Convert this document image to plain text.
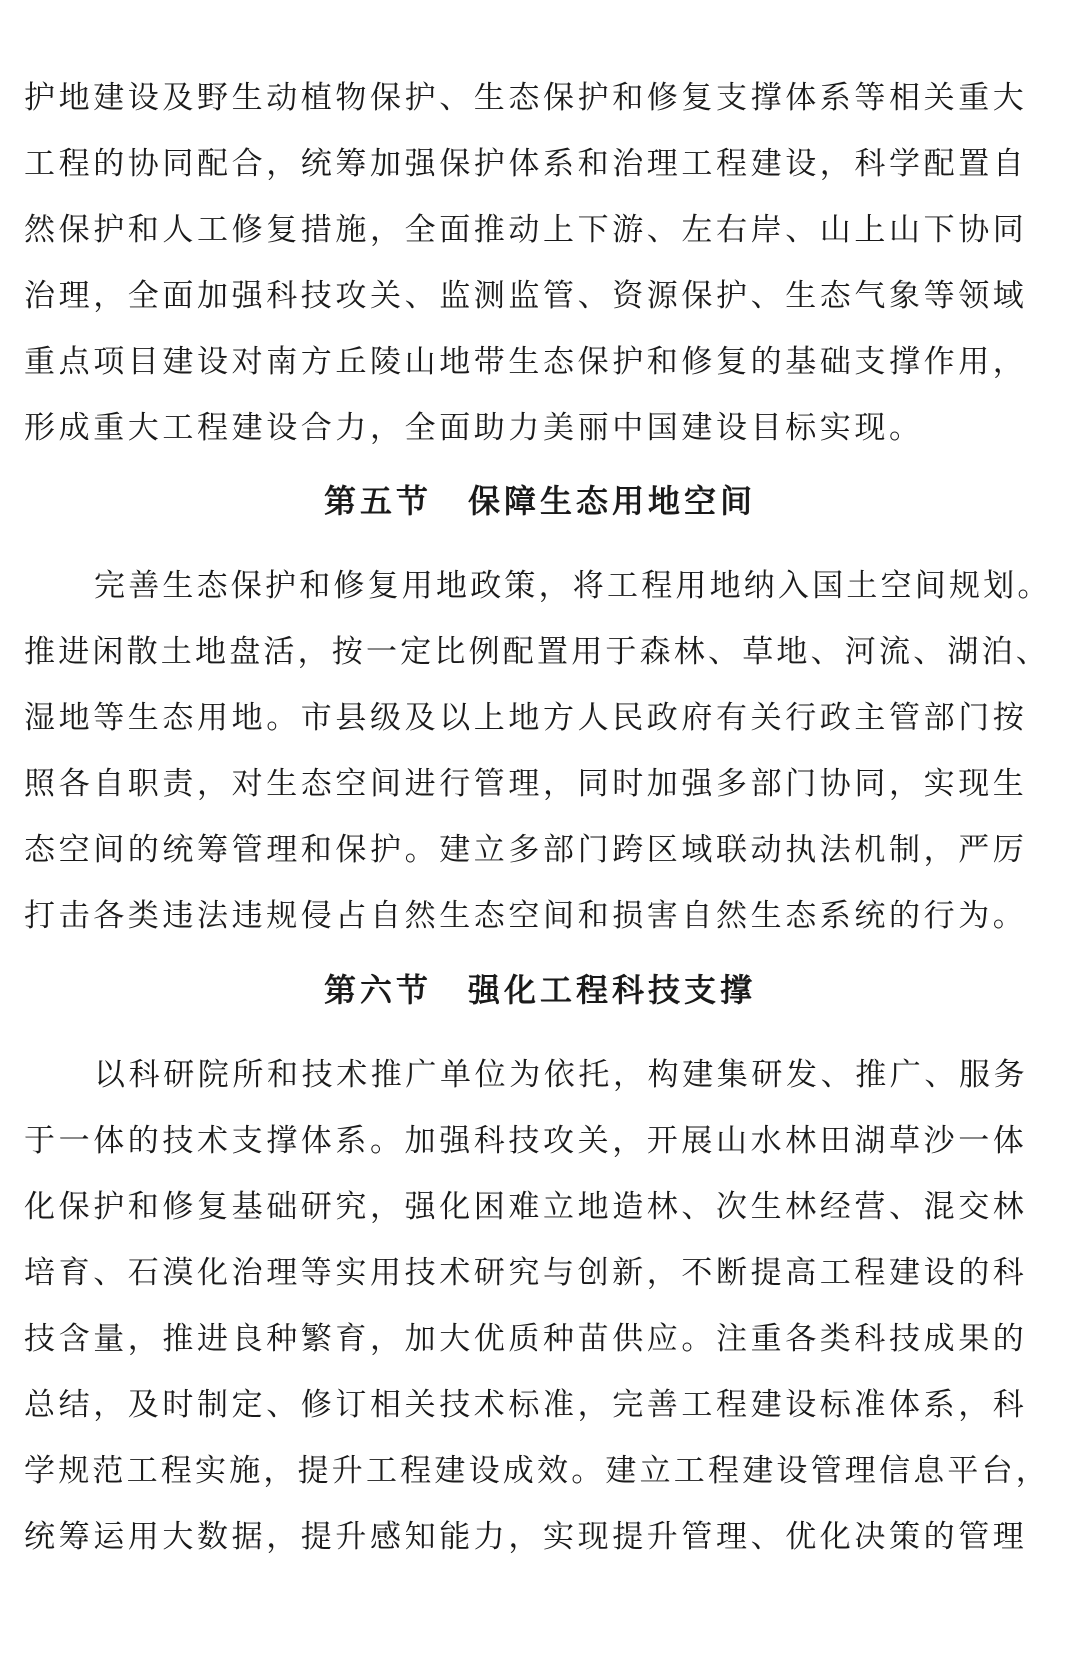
护地建设及野生动植物保护、生态保护和修复支撑体系等相关重大
工程的协同配合，统筹加强保护体系和治理工程建设，科学配置自
然保护和人工修复措施，全面推动上下游、左右岸、山上山下协同
治理，全面加强科技攻关、监测监管、资源保护、生态气象等领域
重点项目建设对南方丘陵山地带生态保护和修复的基础支撑作用，
形成重大工程建设合力，全面助力美丽中国建设目标实现。
第五节　保障生态用地空间
完善生态保护和修复用地政策，将工程用地纳入国土空间规划。
推进闲散土地盘活，按一定比例配置用于森林、草地、河流、湖泊、
湿地等生态用地。市县级及以上地方人民政府有关行政主管部门按
照各自职责，对生态空间进行管理，同时加强多部门协同，实现生
态空间的统筹管理和保护。建立多部门跨区域联动执法机制，严厉
打击各类违法违规侵占自然生态空间和损害自然生态系统的行为。
第六节　强化工程科技支撑
以科研院所和技术推广单位为依托，构建集研发、推广、服务
于一体的技术支撑体系。加强科技攻关，开展山水林田湖草沙一体
化保护和修复基础研究，强化困难立地造林、次生林经营、混交林
培育、石漠化治理等实用技术研究与创新，不断提高工程建设的科
技含量，推进良种繁育，加大优质种苗供应。注重各类科技成果的
总结，及时制定、修订相关技术标准，完善工程建设标准体系，科
学规范工程实施，提升工程建设成效。建立工程建设管理信息平台，
统筹运用大数据，提升感知能力，实现提升管理、优化决策的管理
